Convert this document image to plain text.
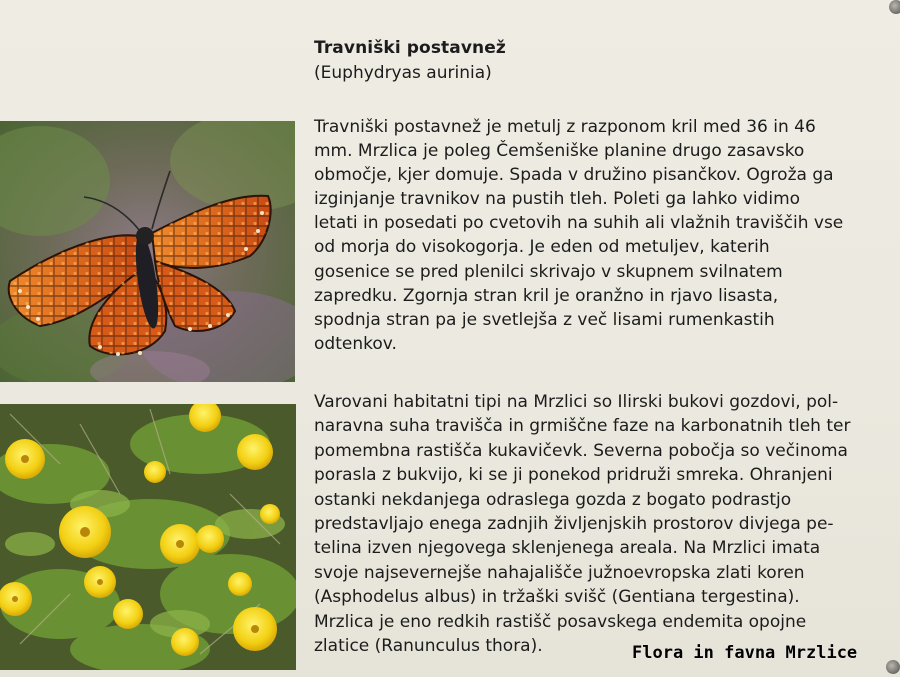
Travniški postavnež
(Euphydryas aurinia)
Travniški postavnež je metulj z razponom kril med 36 in 46
mm. Mrzlica je poleg Čemšeniške planine drugo zasavsko
območje, kjer domuje. Spada v družino pisančkov. Ogroža ga
izginjanje travnikov na pustih tleh. Poleti ga lahko vidimo
letati in posedati po cvetovih na suhih ali vlažnih traviščih vse
od morja do visokogorja. Je eden od metuljev, katerih
gosenice se pred plenilci skrivajo v skupnem svilnatem
zapredku. Zgornja stran kril je oranžno in rjavo lisasta,
spodnja stran pa je svetlejša z več lisami rumenkastih
odtenkov.
Varovani habitatni tipi na Mrzlici so Ilirski bukovi gozdovi, pol-
naravna suha travišča in grmiščne faze na karbonatnih tleh ter
pomembna rastišča kukavičevk. Severna pobočja so večinoma
porasla z bukvijo, ki se ji ponekod pridruži smreka. Ohranjeni
ostanki nekdanjega odraslega gozda z bogato podrastjo
predstavljajo enega zadnjih življenjskih prostorov divjega pe-
telina izven njegovega sklenjenega areala. Na Mrzlici imata
svoje najsevernejše nahajališče južnoevropska zlati koren
(Asphodelus albus) in tržaški svišč (Gentiana tergestina).
Mrzlica je eno redkih rastišč posavskega endemita opojne
zlatice (Ranunculus thora).	Flora in favna Mrzlice
